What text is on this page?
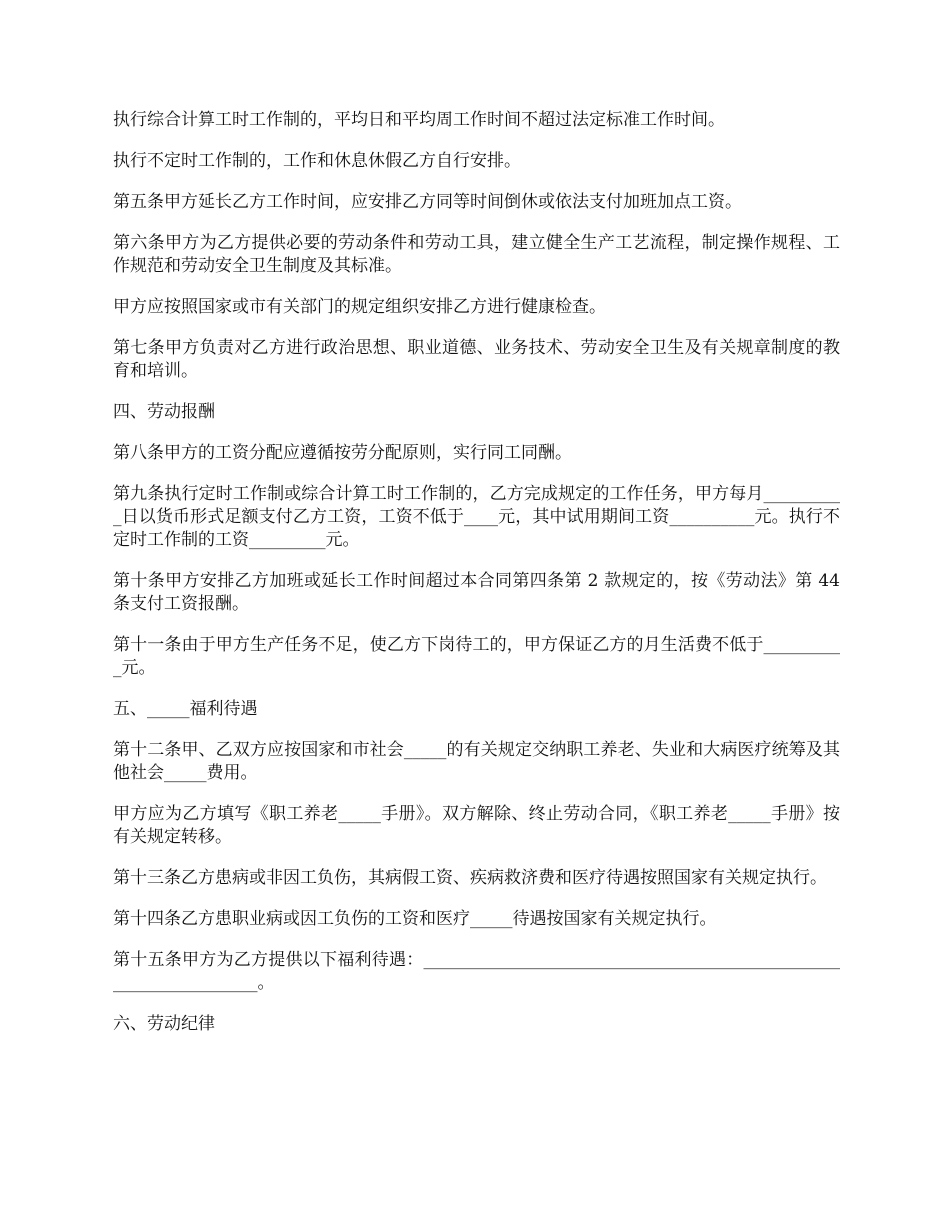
执行综合计算工时工作制的，平均日和平均周工作时间不超过法定标准工作时间。

执行不定时工作制的，工作和休息休假乙方自行安排。

第五条甲方延长乙方工作时间，应安排乙方同等时间倒休或依法支付加班加点工资。

第六条甲方为乙方提供必要的劳动条件和劳动工具，建立健全生产工艺流程，制定操作规程、工作规范和劳动安全卫生制度及其标准。

甲方应按照国家或市有关部门的规定组织安排乙方进行健康检查。

第七条甲方负责对乙方进行政治思想、职业道德、业务技术、劳动安全卫生及有关规章制度的教育和培训。

四、劳动报酬

第八条甲方的工资分配应遵循按劳分配原则，实行同工同酬。

第九条执行定时工作制或综合计算工时工作制的，乙方完成规定的工作任务，甲方每月__________日以货币形式足额支付乙方工资，工资不低于____元，其中试用期间工资__________元。执行不定时工作制的工资_________元。

第十条甲方安排乙方加班或延长工作时间超过本合同第四条第 2 款规定的，按《劳动法》第 44 条支付工资报酬。

第十一条由于甲方生产任务不足，使乙方下岗待工的，甲方保证乙方的月生活费不低于__________元。

五、_____福利待遇

第十二条甲、乙双方应按国家和市社会_____的有关规定交纳职工养老、失业和大病医疗统筹及其他社会_____费用。

甲方应为乙方填写《职工养老_____手册》。双方解除、终止劳动合同，《职工养老_____手册》按有关规定转移。

第十三条乙方患病或非因工负伤，其病假工资、疾病救济费和医疗待遇按照国家有关规定执行。

第十四条乙方患职业病或因工负伤的工资和医疗_____待遇按国家有关规定执行。

第十五条甲方为乙方提供以下福利待遇：__________________________________________________________________。

六、劳动纪律
